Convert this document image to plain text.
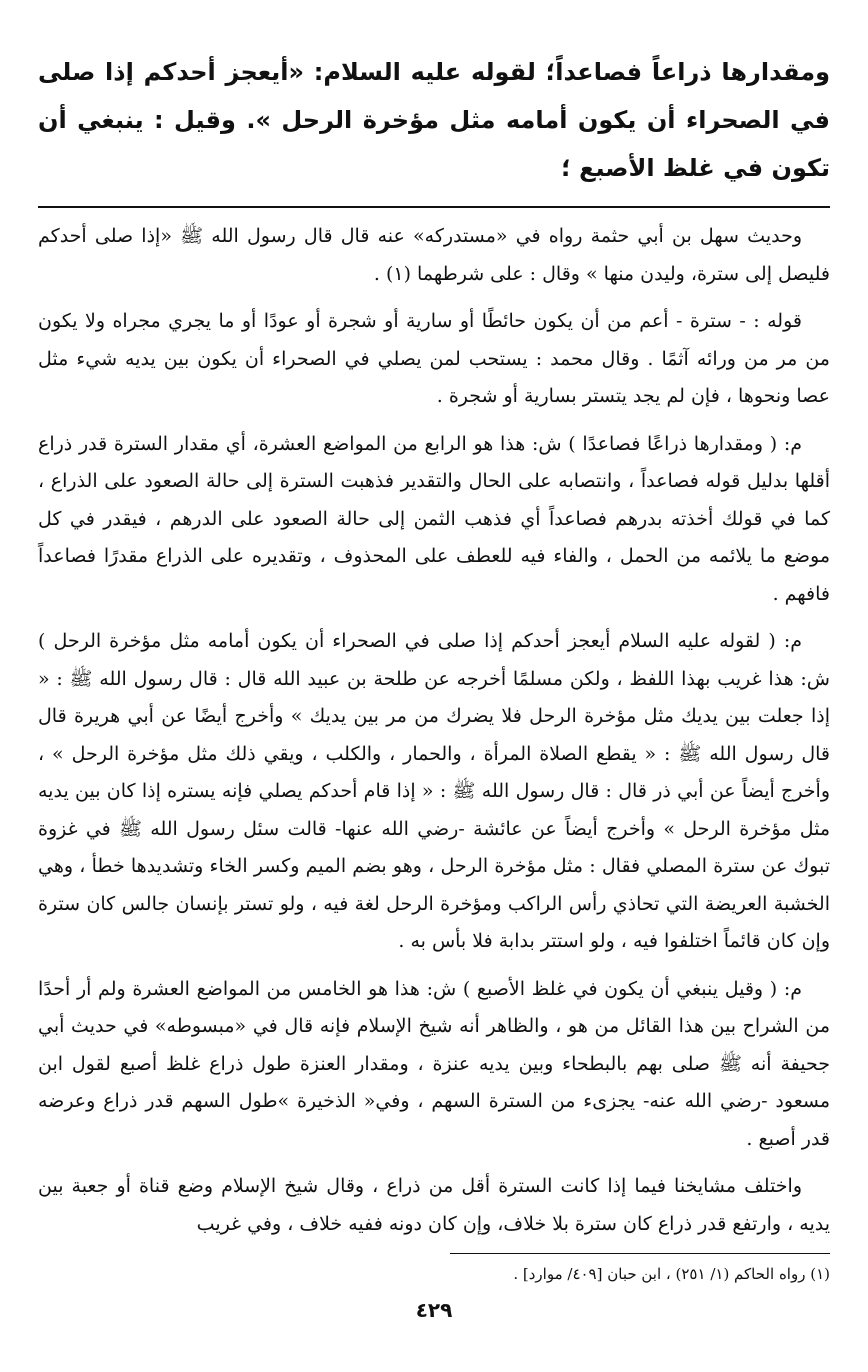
ومقدارها ذراعاً فصاعداً؛ لقوله عليه السلام: «أيعجز أحدكم إذا صلى في الصحراء أن يكون أمامه مثل مؤخرة الرحل ». وقيل : ينبغي أن تكون في غلظ الأصبع ؛

وحديث سهل بن أبي حثمة رواه في «مستدركه» عنه قال قال رسول الله ﷺ «إذا صلى أحدكم فليصل إلى سترة، وليدن منها » وقال : على شرطهما (١) .

قوله : - سترة - أعم من أن يكون حائطًا أو سارية أو شجرة أو عودًا أو ما يجري مجراه ولا يكون من مر من ورائه آثمًا . وقال محمد : يستحب لمن يصلي في الصحراء أن يكون بين يديه شيء مثل عصا ونحوها ، فإن لم يجد يتستر بسارية أو شجرة .

م: ( ومقدارها ذراعًا فصاعدًا ) ش: هذا هو الرابع من المواضع العشرة، أي مقدار السترة قدر ذراع أقلها بدليل قوله فصاعداً ، وانتصابه على الحال والتقدير فذهبت السترة إلى حالة الصعود على الذراع ، كما في قولك أخذته بدرهم فصاعداً أي فذهب الثمن إلى حالة الصعود على الدرهم ، فيقدر في كل موضع ما يلائمه من الحمل ، والفاء فيه للعطف على المحذوف ، وتقديره على الذراع مقدرًا فصاعداً فافهم .

م: ( لقوله عليه السلام أيعجز أحدكم إذا صلى في الصحراء أن يكون أمامه مثل مؤخرة الرحل ) ش: هذا غريب بهذا اللفظ ، ولكن مسلمًا أخرجه عن طلحة بن عبيد الله قال : قال رسول الله ﷺ : « إذا جعلت بين يديك مثل مؤخرة الرحل فلا يضرك من مر بين يديك » وأخرج أيضًا عن أبي هريرة قال قال رسول الله ﷺ : « يقطع الصلاة المرأة ، والحمار ، والكلب ، ويقي ذلك مثل مؤخرة الرحل » ، وأخرج أيضاً عن أبي ذر قال : قال رسول الله ﷺ : « إذا قام أحدكم يصلي فإنه يستره إذا كان بين يديه مثل مؤخرة الرحل » وأخرج أيضاً عن عائشة -رضي الله عنها- قالت سئل رسول الله ﷺ في غزوة تبوك عن سترة المصلي فقال : مثل مؤخرة الرحل ، وهو بضم الميم وكسر الخاء وتشديدها خطأ ، وهي الخشبة العريضة التي تحاذي رأس الراكب ومؤخرة الرحل لغة فيه ، ولو تستر بإنسان جالس كان سترة وإن كان قائماً اختلفوا فيه ، ولو استتر بدابة فلا بأس به .

م: ( وقيل ينبغي أن يكون في غلظ الأصبع ) ش: هذا هو الخامس من المواضع العشرة ولم أر أحدًا من الشراح بين هذا القائل من هو ، والظاهر أنه شيخ الإسلام فإنه قال في «مبسوطه» في حديث أبي جحيفة أنه ﷺ صلى بهم بالبطحاء وبين يديه عنزة ، ومقدار العنزة طول ذراع غلظ أصبع لقول ابن مسعود -رضي الله عنه- يجزىء من السترة السهم ، وفي« الذخيرة »طول السهم قدر ذراع وعرضه قدر أصبع .

واختلف مشايخنا فيما إذا كانت السترة أقل من ذراع ، وقال شيخ الإسلام وضع قناة أو جعبة بين يديه ، وارتفع قدر ذراع كان سترة بلا خلاف، وإن كان دونه ففيه خلاف ، وفي غريب

(١) رواه الحاكم (١/ ٢٥١) ، ابن حبان [٤٠٩/ موارد] .

٤٢٩
